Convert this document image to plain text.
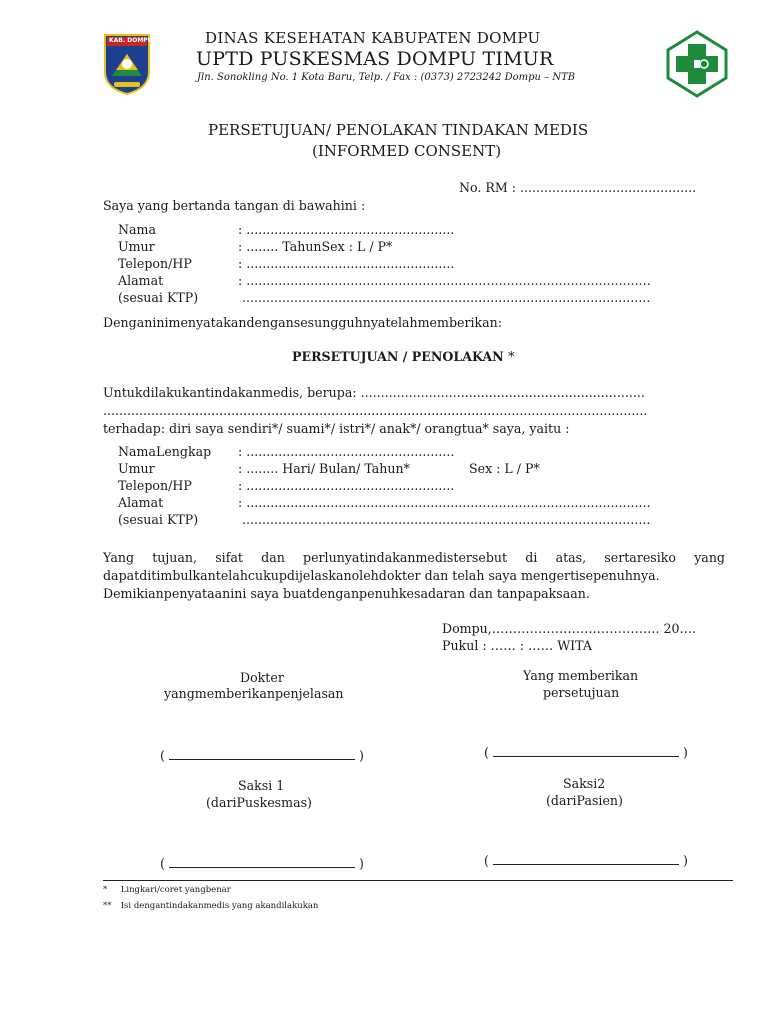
KAB. DOMPU	DINAS KESEHATAN KABUPATEN DOMPU
UPTD PUSKESMAS DOMPU TIMUR
Jln. Sonokling No. 1 Kota Baru, Telp. / Fax : (0373) 2723242 Dompu – NTB
PERSETUJUAN/ PENOLAKAN TINDAKAN MEDIS
(INFORMED CONSENT)
No. RM : ............................................
Saya yang bertanda tangan di bawahini :
Nama	: ....................................................
Umur	: ........ TahunSex : L / P*
Telepon/HP	: ....................................................
Alamat	: .....................................................................................................
(sesuai KTP)	......................................................................................................
Denganinimenyatakandengansesungguhnyatelahmemberikan:
PERSETUJUAN / PENOLAKAN *
Untukdilakukantindakanmedis, berupa: .......................................................................
........................................................................................................................................
terhadap: diri saya sendiri*/ suami*/ istri*/ anak*/ orangtua* saya, yaitu :
NamaLengkap : ....................................................
Umur	: ........ Hari/ Bulan/ Tahun*	Sex : L / P*
Telepon/HP	: ....................................................
Alamat	: .....................................................................................................
(sesuai KTP)	......................................................................................................
Yang tujuan, sifat dan perlunyatindakanmedistersebut di atas, sertaresiko yang
dapatditimbulkantelahcukupdijelaskanolehdokter dan telah saya mengertisepenuhnya.
Demikianpenyataanini saya buatdenganpenuhkesadaran dan tanpapaksaan.
Dompu,…………………………………. 20….
Pukul : …… : …… WITA
Dokter
yangmemberikanpenjelasan
Yang memberikan
persetujuan
(	)	(	)
Saksi 1
(dariPuskesmas)
Saksi2
(dariPasien)
(	)	(	)
* Lingkari/coret yangbenar
** Isi dengantindakanmedis yang akandilakukan
